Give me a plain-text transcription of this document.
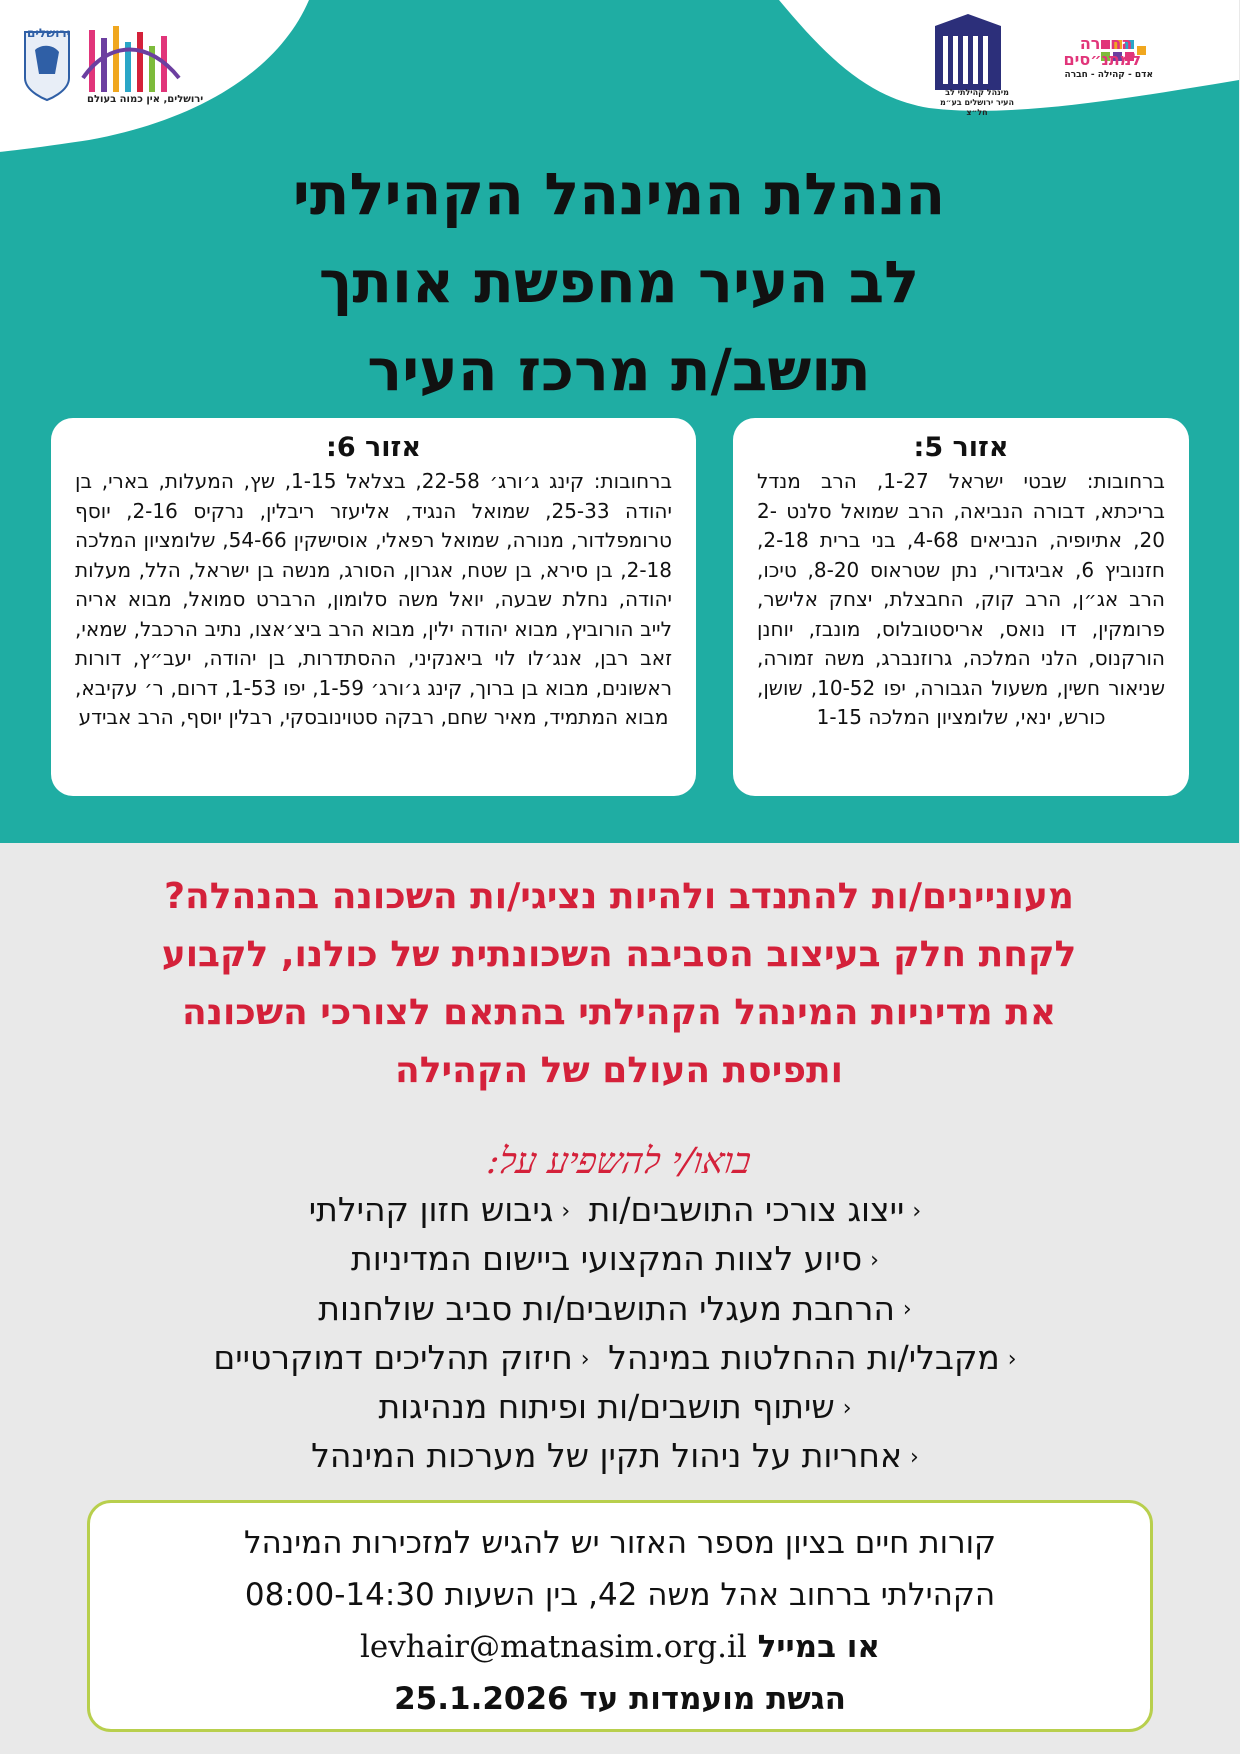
ירושלים
ירושלים, אין כמוה בעולם
החברה למתנ״סים
אדם - קהילה - חברה
מינהל קהילתי לב העיר ירושלים בע״מ חל״צ
הנהלת המינהל הקהילתי
לב העיר מחפשת אותך
תושב/ת מרכז העיר
אזור 5:

ברחובות: שבטי ישראל 1-27, הרב מנדל בריכתא, דבורה הנביאה, הרב שמואל סלנט 2-20, אתיופיה, הנביאים 4-68, בני ברית 2-18, חזנוביץ 6, אביגדורי, נתן שטראוס 8-20, טיכו, הרב אג״ן, הרב קוק, החבצלת, יצחק אלישר, פרומקין, דו נואס, אריסטובלוס, מונבז, יוחנן הורקנוס, הלני המלכה, גרוזנברג, משה זמורה, שניאור חשין, משעול הגבורה, יפו 10-52, שושן, כורש, ינאי, שלומציון המלכה 1-15

אזור 6:

ברחובות: קינג ג׳ורג׳ 22-58, בצלאל 1-15, שץ, המעלות, בארי, בן יהודה 25-33, שמואל הנגיד, אליעזר ריבלין, נרקיס 2-16, יוסף טרומפלדור, מנורה, שמואל רפאלי, אוסישקין 54-66, שלומציון המלכה 2-18, בן סירא, בן שטח, אגרון, הסורג, מנשה בן ישראל, הלל, מעלות יהודה, נחלת שבעה, יואל משה סלומון, הרברט סמואל, מבוא אריה לייב הורוביץ, מבוא יהודה ילין, מבוא הרב ביצ׳אצו, נתיב הרכבל, שמאי, זאב רבן, אנג׳לו לוי ביאנקיני, ההסתדרות, בן יהודה, יעב״ץ, דורות ראשונים, מבוא בן ברוך, קינג ג׳ורג׳ 1-59, יפו 1-53, דרום, ר׳ עקיבא, מבוא המתמיד, מאיר שחם, רבקה סטוינובסקי, רבלין יוסף, הרב אבידע

מעוניינים/ות להתנדב ולהיות נציגי/ות השכונה בהנהלה?
לקחת חלק בעיצוב הסביבה השכונתית של כולנו, לקבוע
את מדיניות המינהל הקהילתי בהתאם לצורכי השכונה
ותפיסת העולם של הקהילה
בואו/י להשפיע על:
‹ייצוג צורכי התושבים/ות ‹גיבוש חזון קהילתי
‹סיוע לצוות המקצועי ביישום המדיניות
‹הרחבת מעגלי התושבים/ות סביב שולחנות
‹מקבלי/ות ההחלטות במינהל ‹חיזוק תהליכים דמוקרטיים
‹שיתוף תושבים/ות ופיתוח מנהיגות
‹אחריות על ניהול תקין של מערכות המינהל
קורות חיים בציון מספר האזור יש להגיש למזכירות המינהל
הקהילתי ברחוב אהל משה 42, בין השעות 08:00-14:30
או במייל levhair@matnasim.org.il
הגשת מועמדות עד 25.1.2026
